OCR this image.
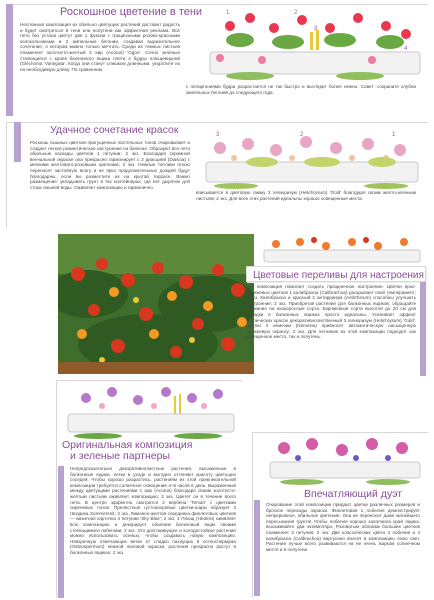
Роскошное цветение в тени
Несложная композиция из обильно цветущих растений доставит радость и будет смотреться в тени или полутени как эффектная реклама. Все лето без устали цветут две 1 фуксии с грациозными розово-красными колокольчиками и 2 ампельные бегонии, создавая выразительное сочетание, о котором можно только мечтать. Среди их темных листьев пламенеет золотисто-желтый 3 аир (Acorus) 'Ogon'. Сочно зеленые стелющиеся с краев балконного ящика плети 4 будры плющевидной (Glechoma 'Variegata'. Когда они станут слишком длинными, укоротите их на необходимую длину. По сравнению
с пеларгониями будра разрастается не так быстро и выглядит более нежно. Совет: сохраните клубни ампельных бегоний до следующего года.
1	2
3
4
Удачное сочетание красок
Роскошь пышных цветков пригущенных пастельных тонов очаровывает и создает легкое романтическое настроение на балконе. Образуют все лето обильные каскады цветков 1 петунии; 2 экз. Благодаря скромной венчальной окраске она прекрасно гармонирует с 2 диасцией (Diascia) с мелкими желтовато-розовыми цветками; 3 экз. Нежные петлики плохо переносят застойную влагу и не ярко продолжительных дождей будут благодарны, если вы разместите их на крытой террасе. Важно размещение: укладывать грунт в тех контейнерах, где нет дырочек для стока лишней воды. Оживляет композицию и гармонично
вписывается в цветовую гамму 3 гелихризум (Helichrysum) 'Gold' благодаря своим желто-зеленым листьям; 2 экз. Для всех этих растений идеальны хорошо освещенные места.
3	2	1
Цветовые переливы для настроения
Эта композиция помогает создать праздничное настроение. Цветки ярко-оранжевых цветков 1 калибрахоа (Calibrachoa) раскрывает свой темперамент; 2 экз. Калибрахоа и красный 2 антирринум (Antirrhinum) способны улучшить настроение; 2 экз. Приобретая растения для балконных ящиков, обращайте внимание на низкорослые сорта. Карликовые сорта высотой до 20 см для посадки в балконных ящиках просто идеальны. Усиливает эффект тропических красок декоративнолиственный 3 гелихризум (Helichrysum) 'Gold'. Цветки 4 немезии (Nemesia) привносят автоматическую насыщенную оранжевую окраску; 2 экз. Для летников из этой композиции подходят как освещенное место, так и полутень.
Оригинальная композиция
и зеленые партнеры
Непредсказательно декоративнолистные растения, высаженные в балконные ящики, легки в уходе и выгодно оттеняют красоту цветущих соседей. Чтобы хорошо разрастись, растениям из этой привлекательной композиции требуется солнечное освещение 4–5 часов в день. Выраженный между цветущими растениями 1 аир (Acorus) благодаря своим золотисто-желтым листьям оживляет композицию; 3 экз. Цветет он в течение всего лета. В центре эффектно смотрится 2 вербена 'Temari' с цветками сиреневых тонов. Прелестные густонахровые цветки-шары образует 3 гвоздика Sommerzeit; 3 экз. Лимонно-желтая серединка фиолетовых цветков — визитная карточка 4 петунии 'Sky Blue'; 2 экз. 4 Плющ (Hedera) оживляет всю композицию и декорирует обилием балконный ящик своими стелющимися побегами; 3 экз. Это долгоживущее и холодостойкое растение можно использовать осенью, чтобы создавать новую композицию. Невзрачную отмечающих ветки от сладко пахнущих 5 остеоспермума (Osteospermum) нежной лиловой окраски, растения прекрасно растут в балконных ящиках; 2 экз.
Впечатляющий дуэт
Очарование этой композиции придают цветки различных размеров и броское переходы окраски. Фиолетовая 1 лобелия демонстрирует непрерывное, обильное цветение. Она не переносит даже малейшего пересыхания грунта! Чтобы лобелия хорошо заполнила край ящика, высаживайте два экземпляра. Розоватым облакам больших цветков пламенеет 2 петуния; 2 экз. Две классических цвета 3 лобелия и 4 калибрахоа (Calibrachoa) виртуозно вносят в композицию свою свет. Растения лучше всего развиваются на не очень жарком солнечном месте и в полутени.
